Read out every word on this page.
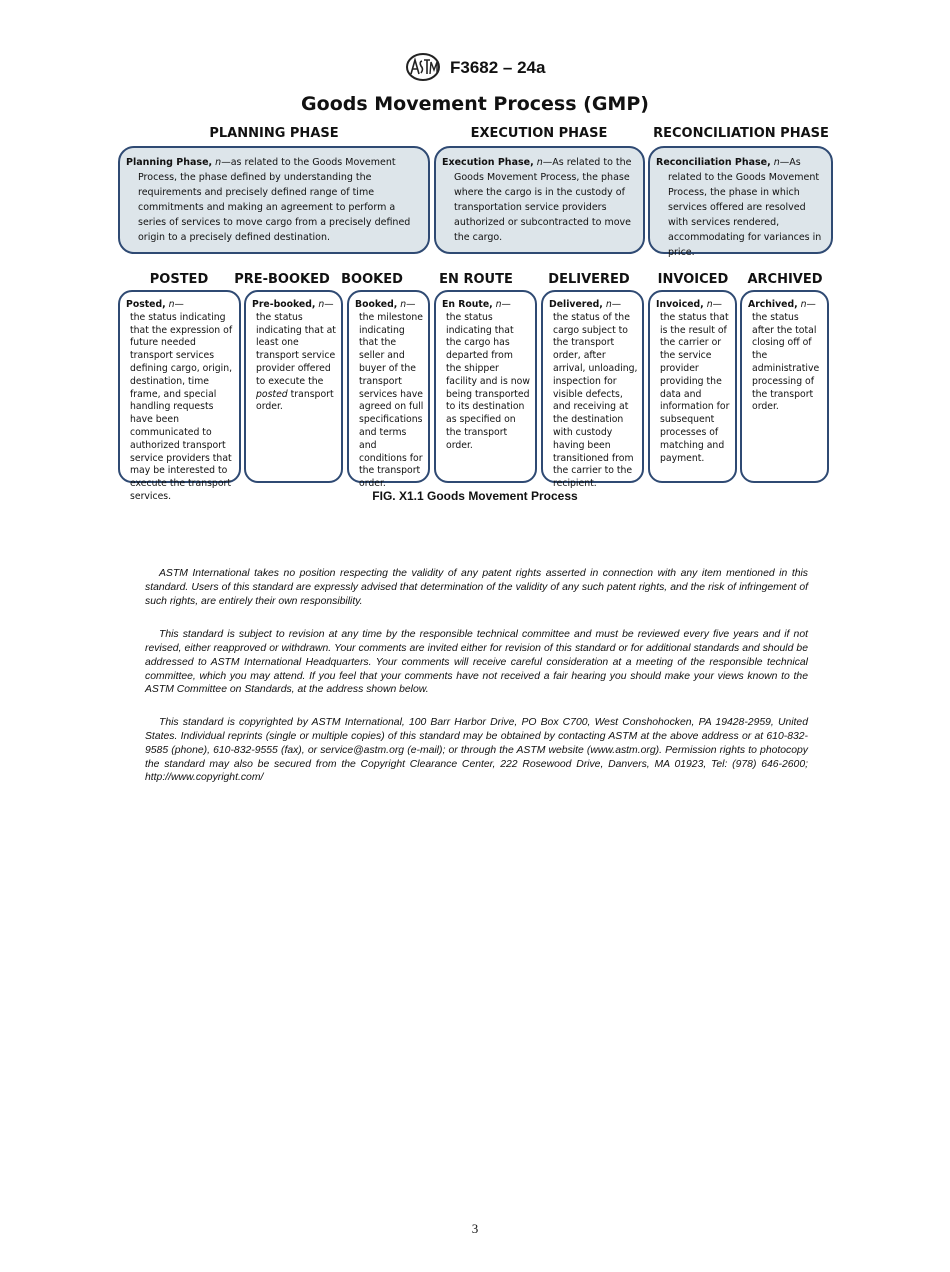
F3682 – 24a
Goods Movement Process (GMP)
PLANNING PHASE	EXECUTION PHASE	RECONCILIATION PHASE
Planning Phase, n—as related to the Goods Movement Process, the phase defined by understanding the requirements and precisely defined range of time commitments and making an agreement to perform a series of services to move cargo from a precisely defined origin to a precisely defined destination.
Execution Phase, n—As related to the Goods Movement Process, the phase where the cargo is in the custody of transportation service providers authorized or subcontracted to move the cargo.
Reconciliation Phase, n—As related to the Goods Movement Process, the phase in which services offered are resolved with services rendered, accommodating for variances in price.
POSTED	PRE-BOOKED BOOKED	EN ROUTE	DELIVERED	INVOICED	ARCHIVED
Posted, n—
the status indicating that the expression of future needed transport services defining cargo, origin, destination, time frame, and special handling requests have been communicated to authorized transport service providers that may be interested to execute the transport services.
Pre-booked, n—
the status indicating that at least one transport service provider offered to execute the posted transport order.
Booked, n—
the milestone indicating that the seller and buyer of the transport services have agreed on full specifications and terms and conditions for the transport order.
En Route, n—
the status indicating that the cargo has departed from the shipper facility and is now being transported to its destination as specified on the transport order.
Delivered, n—
the status of the cargo subject to the transport order, after arrival, unloading, inspection for visible defects, and receiving at the destination with custody having been transitioned from the carrier to the recipient.
Invoiced, n—
the status that is the result of the carrier or the service provider providing the data and information for subsequent processes of matching and payment.
Archived, n—
the status after the total closing off of the administrative processing of the transport order.
FIG. X1.1 Goods Movement Process

ASTM International takes no position respecting the validity of any patent rights asserted in connection with any item mentioned in this standard. Users of this standard are expressly advised that determination of the validity of any such patent rights, and the risk of infringement of such rights, are entirely their own responsibility.

This standard is subject to revision at any time by the responsible technical committee and must be reviewed every five years and if not revised, either reapproved or withdrawn. Your comments are invited either for revision of this standard or for additional standards and should be addressed to ASTM International Headquarters. Your comments will receive careful consideration at a meeting of the responsible technical committee, which you may attend. If you feel that your comments have not received a fair hearing you should make your views known to the ASTM Committee on Standards, at the address shown below.

This standard is copyrighted by ASTM International, 100 Barr Harbor Drive, PO Box C700, West Conshohocken, PA 19428-2959, United States. Individual reprints (single or multiple copies) of this standard may be obtained by contacting ASTM at the above address or at 610-832-9585 (phone), 610-832-9555 (fax), or service@astm.org (e-mail); or through the ASTM website (www.astm.org). Permission rights to photocopy the standard may also be secured from the Copyright Clearance Center, 222 Rosewood Drive, Danvers, MA 01923, Tel: (978) 646-2600; http://www.copyright.com/

3
